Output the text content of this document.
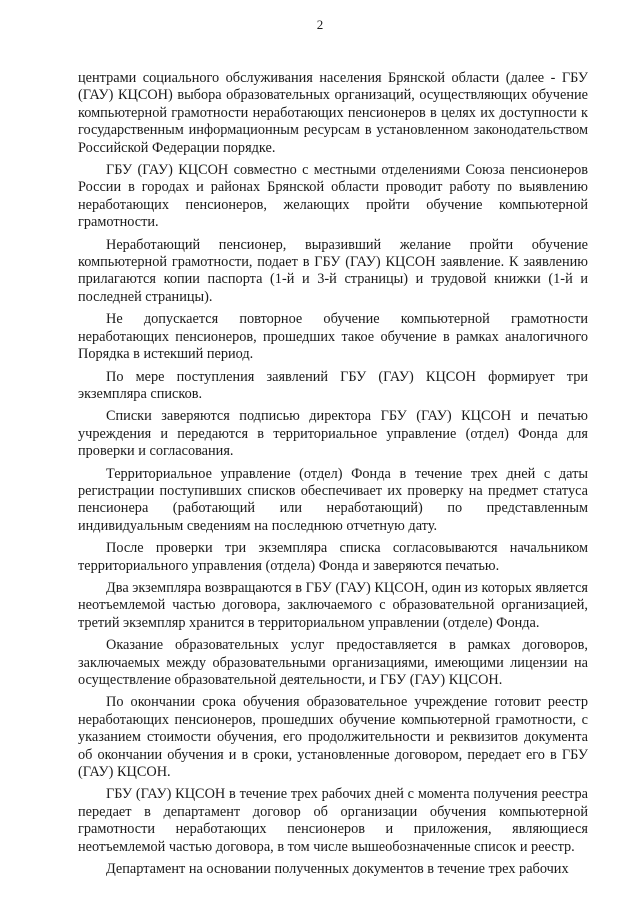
2

центрами социального обслуживания населения Брянской области (далее - ГБУ (ГАУ) КЦСОН) выбора образовательных организаций, осуществляющих обучение компьютерной грамотности неработающих пенсионеров в целях их доступности к государственным информационным ресурсам в установленном законодательством Российской Федерации порядке.

ГБУ (ГАУ) КЦСОН совместно с местными отделениями Союза пенсионеров России в городах и районах Брянской области проводит работу по выявлению неработающих пенсионеров, желающих пройти обучение компьютерной грамотности.

Неработающий пенсионер, выразивший желание пройти обучение компьютерной грамотности, подает в ГБУ (ГАУ) КЦСОН заявление. К заявлению прилагаются копии паспорта (1-й и 3-й страницы) и трудовой книжки (1-й и последней страницы).

Не допускается повторное обучение компьютерной грамотности неработающих пенсионеров, прошедших такое обучение в рамках аналогичного Порядка в истекший период.

По мере поступления заявлений ГБУ (ГАУ) КЦСОН формирует три экземпляра списков.

Списки заверяются подписью директора ГБУ (ГАУ) КЦСОН и печатью учреждения и передаются в территориальное управление (отдел) Фонда для проверки и согласования.

Территориальное управление (отдел) Фонда в течение трех дней с даты регистрации поступивших списков обеспечивает их проверку на предмет статуса пенсионера (работающий или неработающий) по представленным индивидуальным сведениям на последнюю отчетную дату.

После проверки три экземпляра списка согласовываются начальником территориального управления (отдела) Фонда и заверяются печатью.

Два экземпляра возвращаются в ГБУ (ГАУ) КЦСОН, один из которых является неотъемлемой частью договора, заключаемого с образовательной организацией, третий экземпляр хранится в территориальном управлении (отделе) Фонда.

Оказание образовательных услуг предоставляется в рамках договоров, заключаемых между образовательными организациями, имеющими лицензии на осуществление образовательной деятельности, и ГБУ (ГАУ) КЦСОН.

По окончании срока обучения образовательное учреждение готовит реестр неработающих пенсионеров, прошедших обучение компьютерной грамотности, с указанием стоимости обучения, его продолжительности и реквизитов документа об окончании обучения и в сроки, установленные договором, передает его в ГБУ (ГАУ) КЦСОН.

ГБУ (ГАУ) КЦСОН в течение трех рабочих дней с момента получения реестра передает в департамент договор об организации обучения компьютерной грамотности неработающих пенсионеров и приложения, являющиеся неотъемлемой частью договора, в том числе вышеобозначенные список и реестр.

Департамент на основании полученных документов в течение трех рабочих
